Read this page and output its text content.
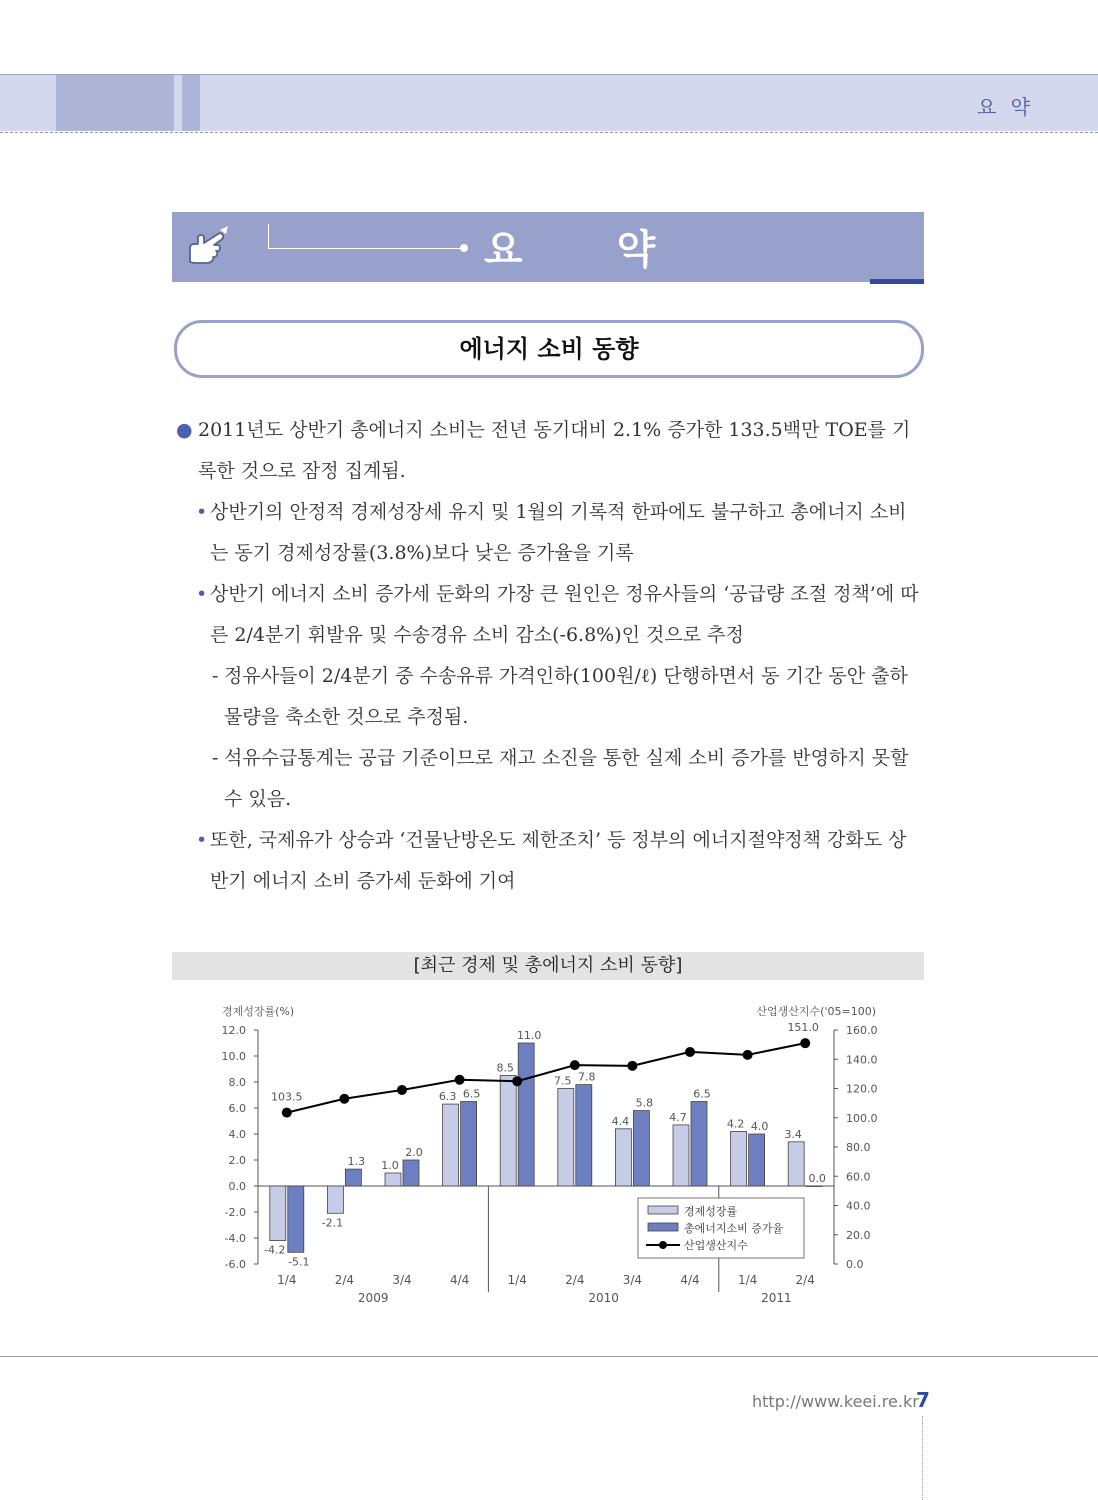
요 약
요 약
에너지 소비 동향
● 2011년도 상반기 총에너지 소비는 전년 동기대비 2.1% 증가한 133.5백만 TOE를 기록한 것으로 잠정 집계됨.
• 상반기의 안정적 경제성장세 유지 및 1월의 기록적 한파에도 불구하고 총에너지 소비는 동기 경제성장률(3.8%)보다 낮은 증가율을 기록
• 상반기 에너지 소비 증가세 둔화의 가장 큰 원인은 정유사들의 ‘공급량 조절 정책’에 따른 2/4분기 휘발유 및 수송경유 소비 감소(-6.8%)인 것으로 추정
- 정유사들이 2/4분기 중 수송유류 가격인하(100원/ℓ) 단행하면서 동 기간 동안 출하물량을 축소한 것으로 추정됨.
- 석유수급통계는 공급 기준이므로 재고 소진을 통한 실제 소비 증가를 반영하지 못할 수 있음.
• 또한, 국제유가 상승과 ‘건물난방온도 제한조치’ 등 정부의 에너지절약정책 강화도 상반기 에너지 소비 증가세 둔화에 기여
[최근 경제 및 총에너지 소비 동향]
경제성장률(%)	산업생산지수('05=100)
12.0
10.0
8.0
6.0
4.0
2.0
0.0
-2.0
-4.0
-6.0
160.0
140.0
120.0
100.0
80.0
60.0
40.0
20.0
0.0
2009	2010	2011
1/4	2/4	3/4	4/4	1/4	2/4	3/4	4/4	1/4	2/4
-4.2
-2.1
1.0
6.3
8.5
7.5
4.4	4.7	4.2
3.4
-5.1
1.3
2.0
6.5
11.0
7.8
5.8
6.5
4.0
0.0
103.5
151.0
경제성장률
총에너지소비 증가율
산업생산지수
http://www.keei.re.kr
7
